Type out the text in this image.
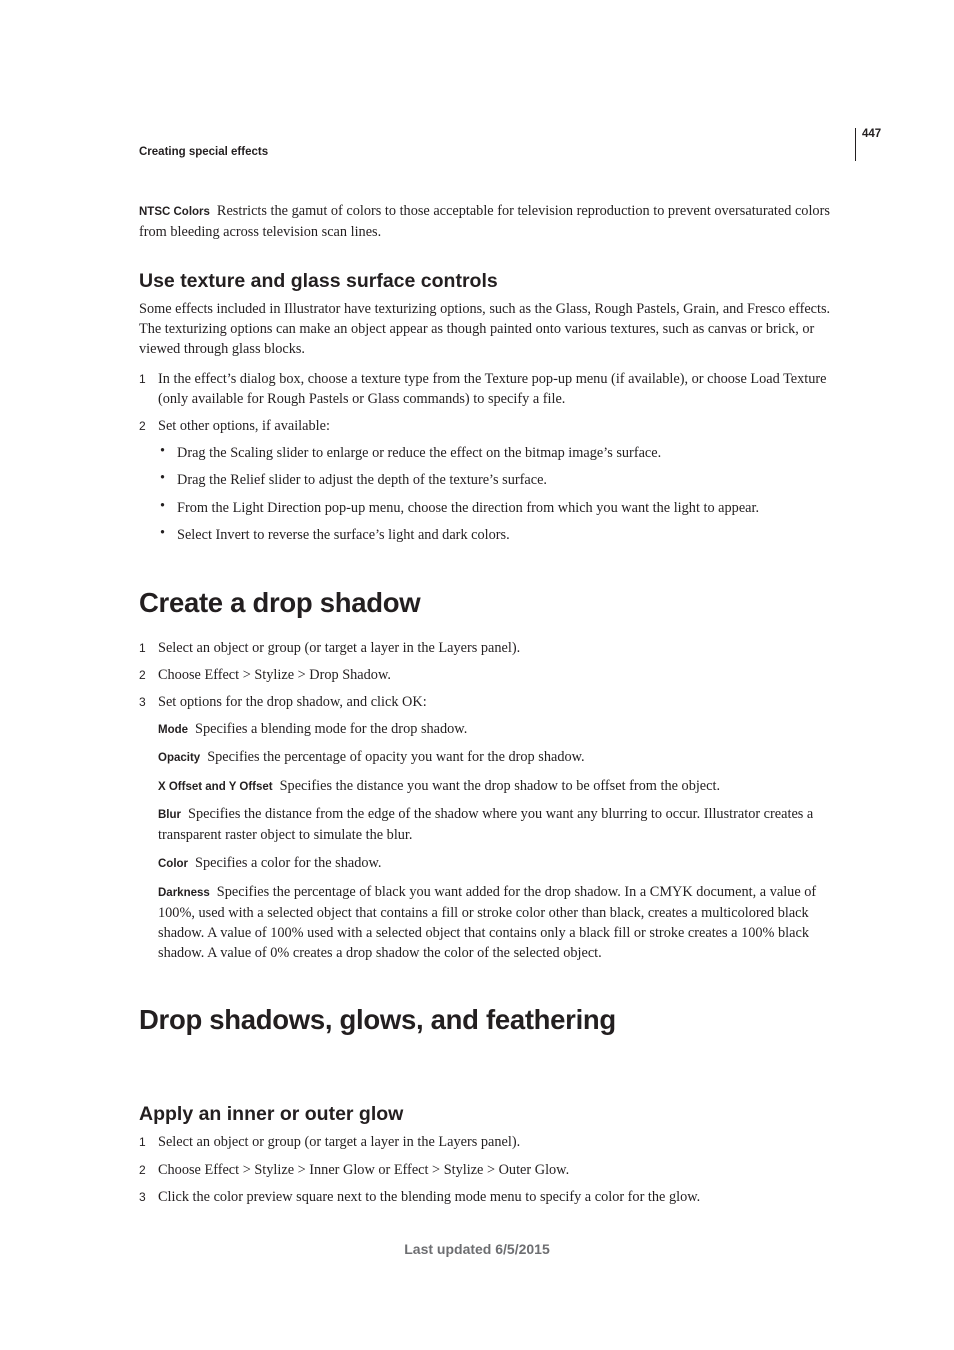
447
Creating special effects
NTSC Colors Restricts the gamut of colors to those acceptable for television reproduction to prevent oversaturated colors from bleeding across television scan lines.
Use texture and glass surface controls
Some effects included in Illustrator have texturizing options, such as the Glass, Rough Pastels, Grain, and Fresco effects. The texturizing options can make an object appear as though painted onto various textures, such as canvas or brick, or viewed through glass blocks.
1 In the effect’s dialog box, choose a texture type from the Texture pop-up menu (if available), or choose Load Texture (only available for Rough Pastels or Glass commands) to specify a file.
2 Set other options, if available:
• Drag the Scaling slider to enlarge or reduce the effect on the bitmap image’s surface.
• Drag the Relief slider to adjust the depth of the texture’s surface.
• From the Light Direction pop-up menu, choose the direction from which you want the light to appear.
• Select Invert to reverse the surface’s light and dark colors.
Create a drop shadow
1 Select an object or group (or target a layer in the Layers panel).
2 Choose Effect > Stylize > Drop Shadow.
3 Set options for the drop shadow, and click OK:
Mode Specifies a blending mode for the drop shadow.
Opacity Specifies the percentage of opacity you want for the drop shadow.
X Offset and Y Offset Specifies the distance you want the drop shadow to be offset from the object.
Blur Specifies the distance from the edge of the shadow where you want any blurring to occur. Illustrator creates a transparent raster object to simulate the blur.
Color Specifies a color for the shadow.
Darkness Specifies the percentage of black you want added for the drop shadow. In a CMYK document, a value of 100%, used with a selected object that contains a fill or stroke color other than black, creates a multicolored black shadow. A value of 100% used with a selected object that contains only a black fill or stroke creates a 100% black shadow. A value of 0% creates a drop shadow the color of the selected object.
Drop shadows, glows, and feathering
Apply an inner or outer glow
1 Select an object or group (or target a layer in the Layers panel).
2 Choose Effect > Stylize > Inner Glow or Effect > Stylize > Outer Glow.
3 Click the color preview square next to the blending mode menu to specify a color for the glow.
Last updated 6/5/2015
